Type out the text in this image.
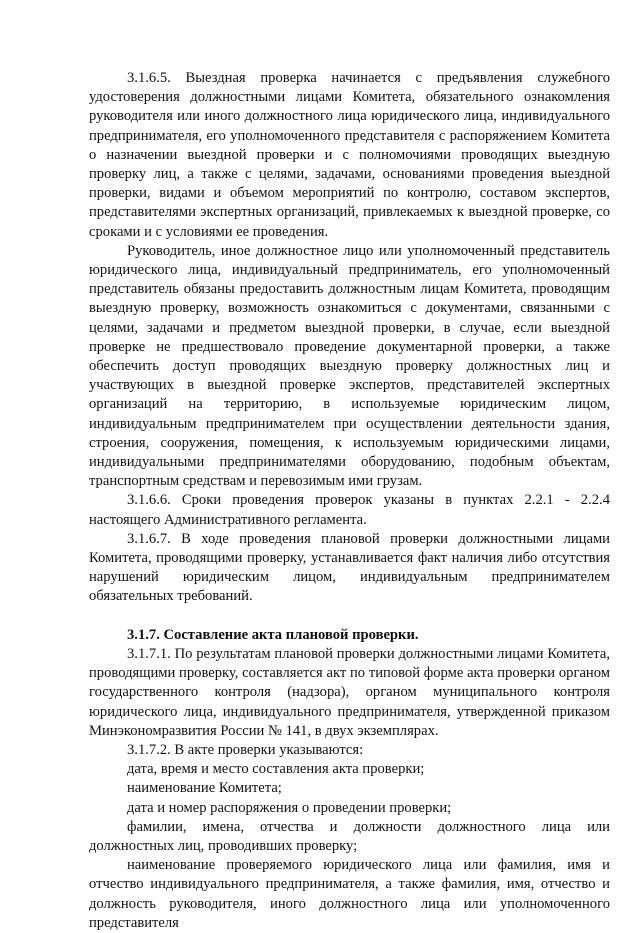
3.1.6.5. Выездная проверка начинается с предъявления служебного удостоверения должностными лицами Комитета, обязательного ознакомления руководителя или иного должностного лица юридического лица, индивидуального предпринимателя, его уполномоченного представителя с распоряжением Комитета о назначении выездной проверки и с полномочиями проводящих выездную проверку лиц, а также с целями, задачами, основаниями проведения выездной проверки, видами и объемом мероприятий по контролю, составом экспертов, представителями экспертных организаций, привлекаемых к выездной проверке, со сроками и с условиями ее проведения.

Руководитель, иное должностное лицо или уполномоченный представитель юридического лица, индивидуальный предприниматель, его уполномоченный представитель обязаны предоставить должностным лицам Комитета, проводящим выездную проверку, возможность ознакомиться с документами, связанными с целями, задачами и предметом выездной проверки, в случае, если выездной проверке не предшествовало проведение документарной проверки, а также обеспечить доступ проводящих выездную проверку должностных лиц и участвующих в выездной проверке экспертов, представителей экспертных организаций на территорию, в используемые юридическим лицом, индивидуальным предпринимателем при осуществлении деятельности здания, строения, сооружения, помещения, к используемым юридическими лицами, индивидуальными предпринимателями оборудованию, подобным объектам, транспортным средствам и перевозимым ими грузам.

3.1.6.6. Сроки проведения проверок указаны в пунктах 2.2.1 - 2.2.4 настоящего Административного регламента.

3.1.6.7. В ходе проведения плановой проверки должностными лицами Комитета, проводящими проверку, устанавливается факт наличия либо отсутствия нарушений юридическим лицом, индивидуальным предпринимателем обязательных требований.

3.1.7. Составление акта плановой проверки.

3.1.7.1. По результатам плановой проверки должностными лицами Комитета, проводящими проверку, составляется акт по типовой форме акта проверки органом государственного контроля (надзора), органом муниципального контроля юридического лица, индивидуального предпринимателя, утвержденной приказом Минэкономразвития России № 141, в двух экземплярах.

3.1.7.2. В акте проверки указываются:

дата, время и место составления акта проверки;

наименование Комитета;

дата и номер распоряжения о проведении проверки;

фамилии, имена, отчества и должности должностного лица или должностных лиц, проводивших проверку;

наименование проверяемого юридического лица или фамилия, имя и отчество индивидуального предпринимателя, а также фамилия, имя, отчество и должность руководителя, иного должностного лица или уполномоченного представителя
